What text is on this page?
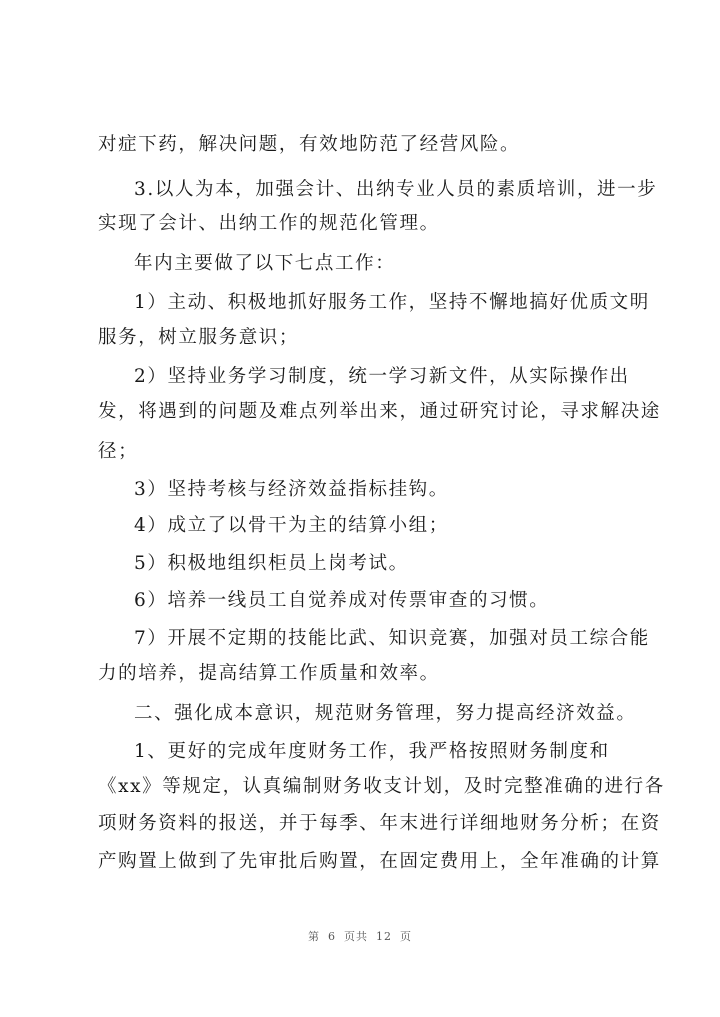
对症下药，解决问题，有效地防范了经营风险。
3.以人为本，加强会计、出纳专业人员的素质培训，进一步
实现了会计、出纳工作的规范化管理。
年内主要做了以下七点工作：
1）主动、积极地抓好服务工作，坚持不懈地搞好优质文明
服务，树立服务意识；
2）坚持业务学习制度，统一学习新文件，从实际操作出
发，将遇到的问题及难点列举出来，通过研究讨论，寻求解决途
径；
3）坚持考核与经济效益指标挂钩。
4）成立了以骨干为主的结算小组；
5）积极地组织柜员上岗考试。
6）培养一线员工自觉养成对传票审查的习惯。
7）开展不定期的技能比武、知识竞赛，加强对员工综合能
力的培养，提高结算工作质量和效率。
二、强化成本意识，规范财务管理，努力提高经济效益。
1、更好的完成年度财务工作，我严格按照财务制度和
《xx》等规定，认真编制财务收支计划，及时完整准确的进行各
项财务资料的报送，并于每季、年末进行详细地财务分析；在资
产购置上做到了先审批后购置，在固定费用上，全年准确的计算
第 6 页共 12 页
